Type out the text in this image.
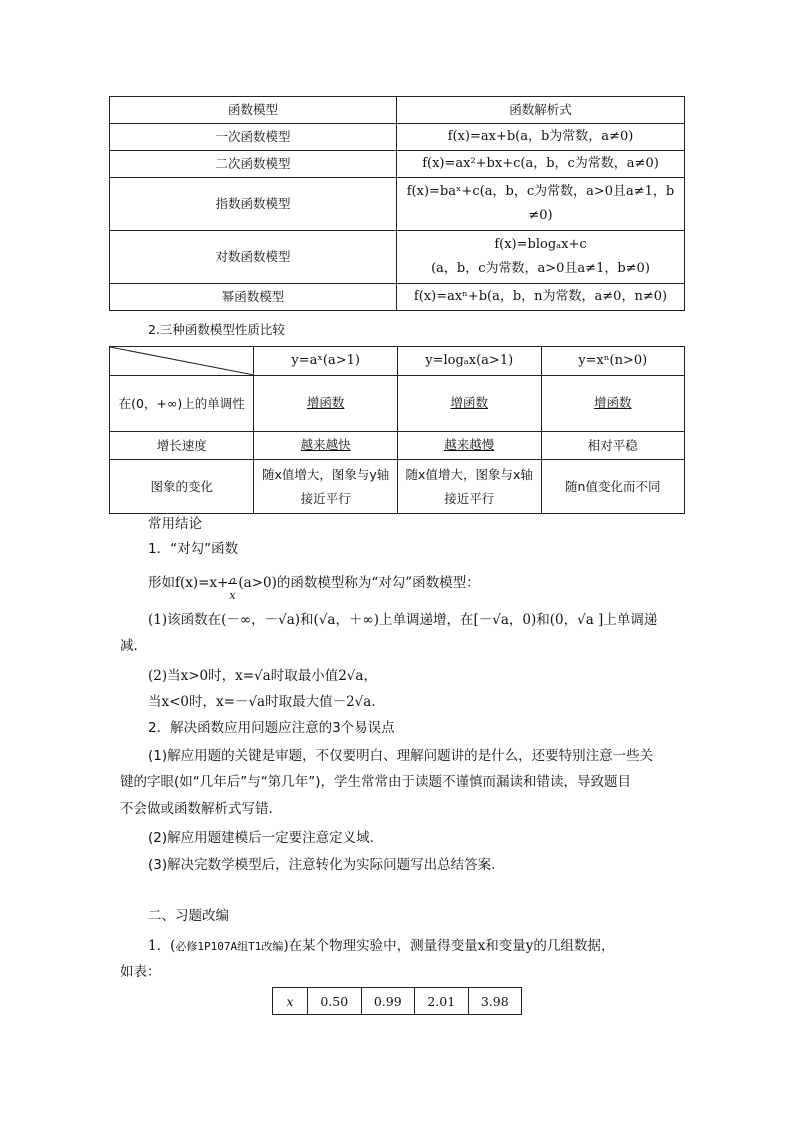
函数模型	函数解析式
一次函数模型	f(x)=ax+b(a，b为常数，a≠0)
二次函数模型	f(x)=ax²+bx+c(a，b，c为常数，a≠0)
指数函数模型	f(x)=baˣ+c(a，b，c为常数，a>0且a≠1，b ≠0)
对数函数模型	f(x)=blogₐx+c
(a，b，c为常数，a>0且a≠1，b≠0)

幂函数模型	f(x)=axⁿ+b(a，b，n为常数，a≠0，n≠0)
2.三种函数模型性质比较
	y=aˣ(a>1)	y=logₐx(a>1)	y=xⁿ(n>0)
在(0，+∞)上的单调性	增函数	增函数	增函数
增长速度	越来越快	越来越慢	相对平稳
图象的变化	随x值增大，图象与y轴接近平行	随x值增大，图象与x轴接近平行	随n值变化而不同
常用结论
1．“对勾”函数
形如f(x)=x+ a
x
(a>0)的函数模型称为“对勾”函数模型：
(1)该函数在(－∞，－√a)和(√a，＋∞)上单调递增，在[－√a，0)和(0，√a ]上单调递
减.
(2)当x>0时，x=√a时取最小值2√a，
当x<0时，x=－√a时取最大值－2√a.
2．解决函数应用问题应注意的3个易误点
(1)解应用题的关键是审题，不仅要明白、理解问题讲的是什么，还要特别注意一些关
键的字眼(如“几年后”与“第几年”)，学生常常由于读题不谨慎而漏读和错读，导致题目
不会做或函数解析式写错.
(2)解应用题建模后一定要注意定义域.
(3)解决完数学模型后，注意转化为实际问题写出总结答案.
二、习题改编
1．(必修1P107A组T1改编)在某个物理实验中，测量得变量x和变量y的几组数据，
如表：
x	0.50	0.99	2.01	3.98
